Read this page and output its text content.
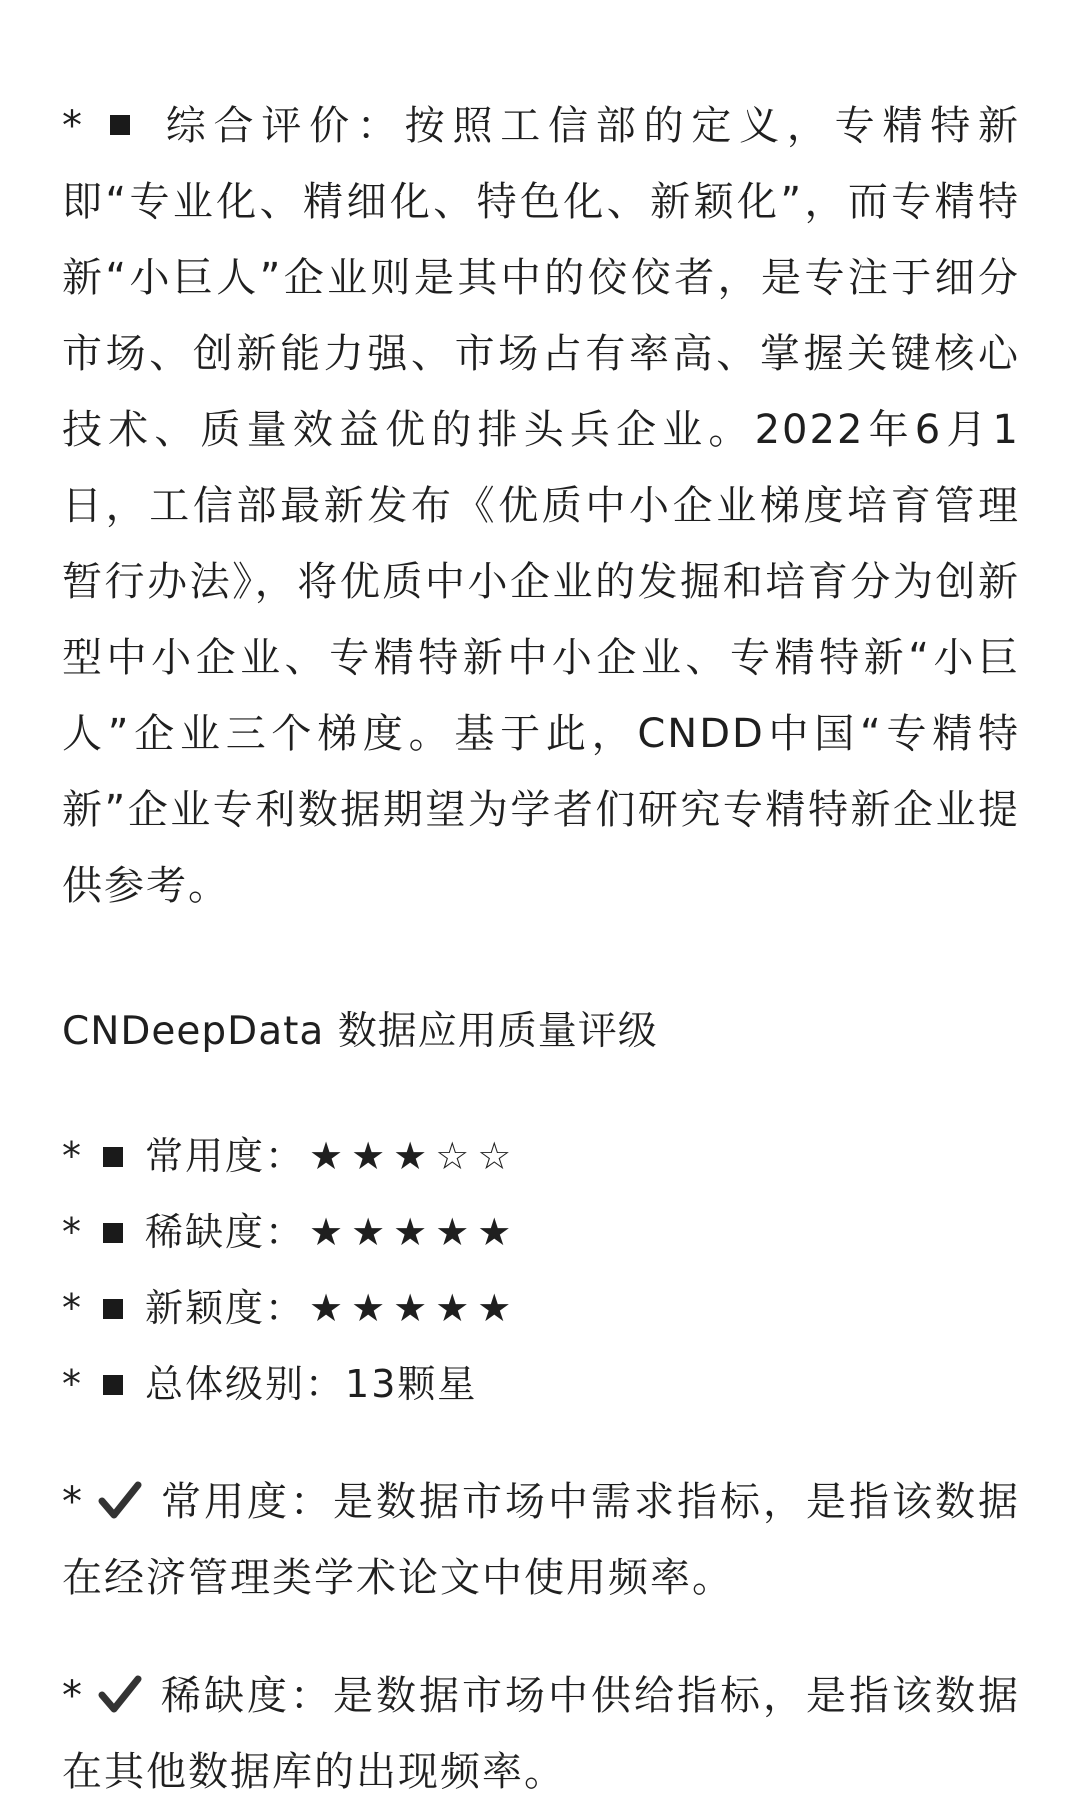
* 综合评价：按照工信部的定义，专精特新即“专业化、精细化、特色化、新颖化”，而专精特新“小巨人”企业则是其中的佼佼者，是专注于细分市场、创新能力强、市场占有率高、掌握关键核心技术、质量效益优的排头兵企业。2022年6月1日，工信部最新发布《优质中小企业梯度培育管理暂行办法》，将优质中小企业的发掘和培育分为创新型中小企业、专精特新中小企业、专精特新“小巨人”企业三个梯度。基于此，CNDD中国“专精特新”企业专利数据期望为学者们研究专精特新企业提供参考。

CNDeepData 数据应用质量评级
* 常用度： ★★★☆☆
* 稀缺度： ★★★★★
* 新颖度： ★★★★★
* 总体级别：13颗星

* 常用度：是数据市场中需求指标，是指该数据在经济管理类学术论文中使用频率。

* 稀缺度：是数据市场中供给指标，是指该数据在其他数据库的出现频率。
